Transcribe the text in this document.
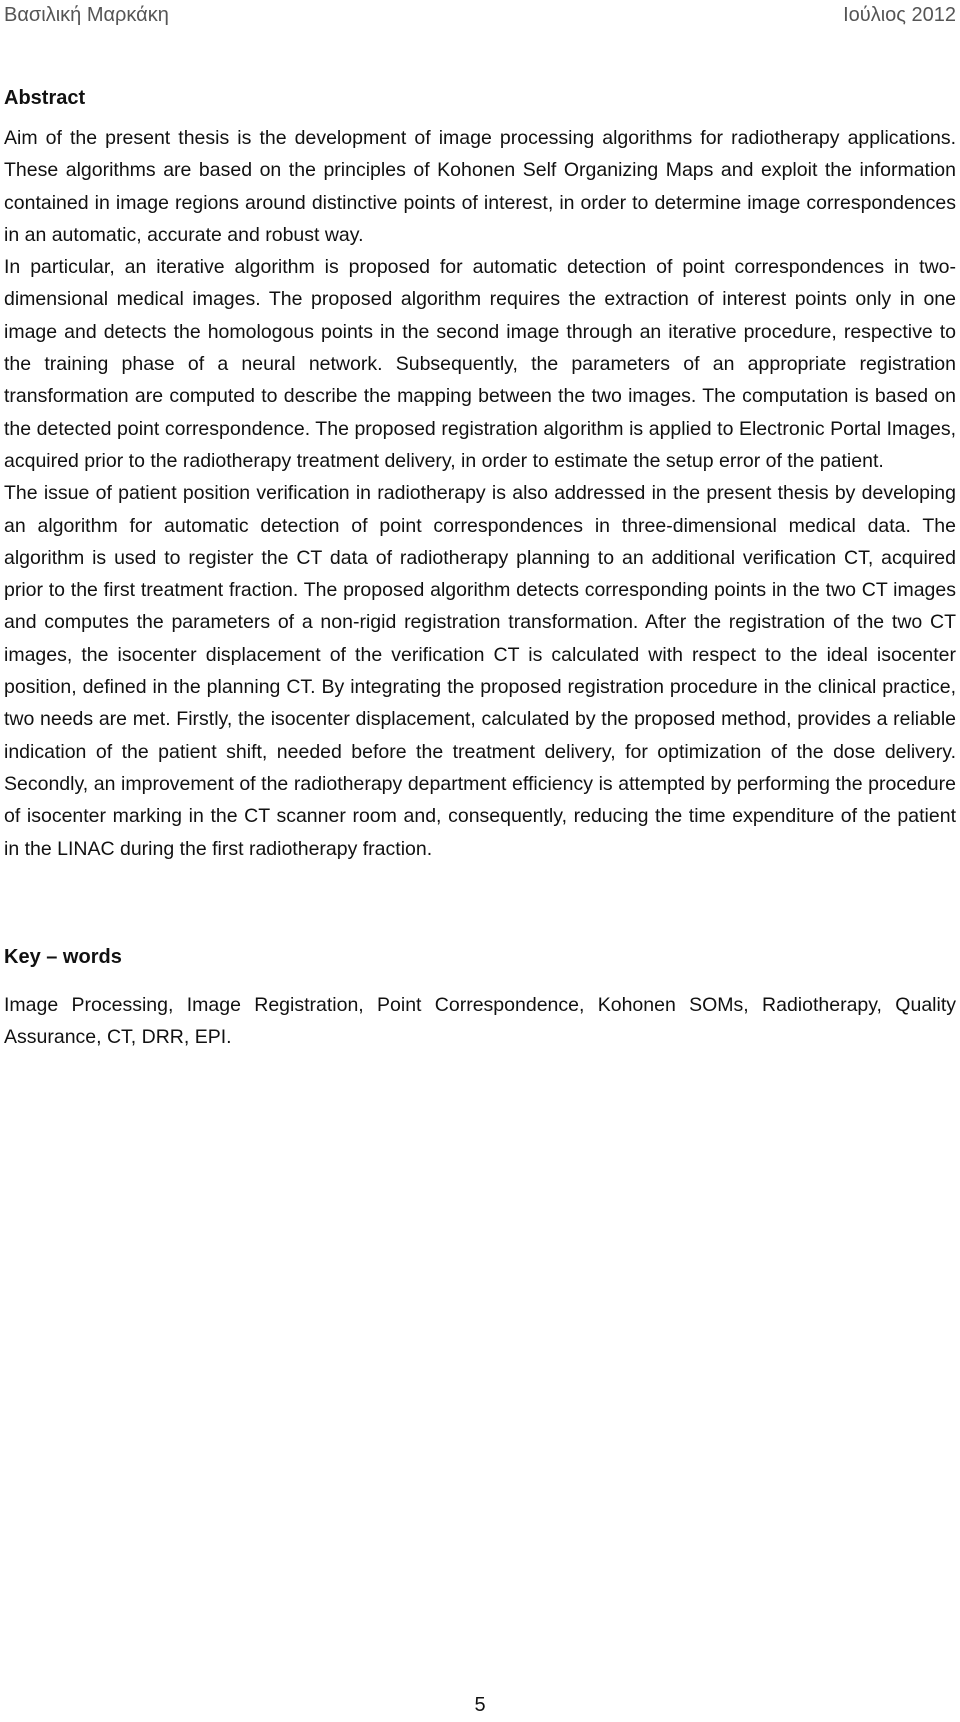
Βασιλική Μαρκάκη	Ιούλιος 2012
Abstract

Aim of the present thesis is the development of image processing algorithms for radiotherapy applications. These algorithms are based on the principles of Kohonen Self Organizing Maps and exploit the information contained in image regions around distinctive points of interest, in order to determine image correspondences in an automatic, accurate and robust way.

In particular, an iterative algorithm is proposed for automatic detection of point correspondences in two-dimensional medical images. The proposed algorithm requires the extraction of interest points only in one image and detects the homologous points in the second image through an iterative procedure, respective to the training phase of a neural network. Subsequently, the parameters of an appropriate registration transformation are computed to describe the mapping between the two images. The computation is based on the detected point correspondence. The proposed registration algorithm is applied to Electronic Portal Images, acquired prior to the radiotherapy treatment delivery, in order to estimate the setup error of the patient.

The issue of patient position verification in radiotherapy is also addressed in the present thesis by developing an algorithm for automatic detection of point correspondences in three-dimensional medical data. The algorithm is used to register the CT data of radiotherapy planning to an additional verification CT, acquired prior to the first treatment fraction. The proposed algorithm detects corresponding points in the two CT images and computes the parameters of a non-rigid registration transformation. After the registration of the two CT images, the isocenter displacement of the verification CT is calculated with respect to the ideal isocenter position, defined in the planning CT. By integrating the proposed registration procedure in the clinical practice, two needs are met. Firstly, the isocenter displacement, calculated by the proposed method, provides a reliable indication of the patient shift, needed before the treatment delivery, for optimization of the dose delivery. Secondly, an improvement of the radiotherapy department efficiency is attempted by performing the procedure of isocenter marking in the CT scanner room and, consequently, reducing the time expenditure of the patient in the LINAC during the first radiotherapy fraction.

Key – words

Image Processing, Image Registration, Point Correspondence, Kohonen SOMs, Radiotherapy, Quality Assurance, CT, DRR, EPI.

5
